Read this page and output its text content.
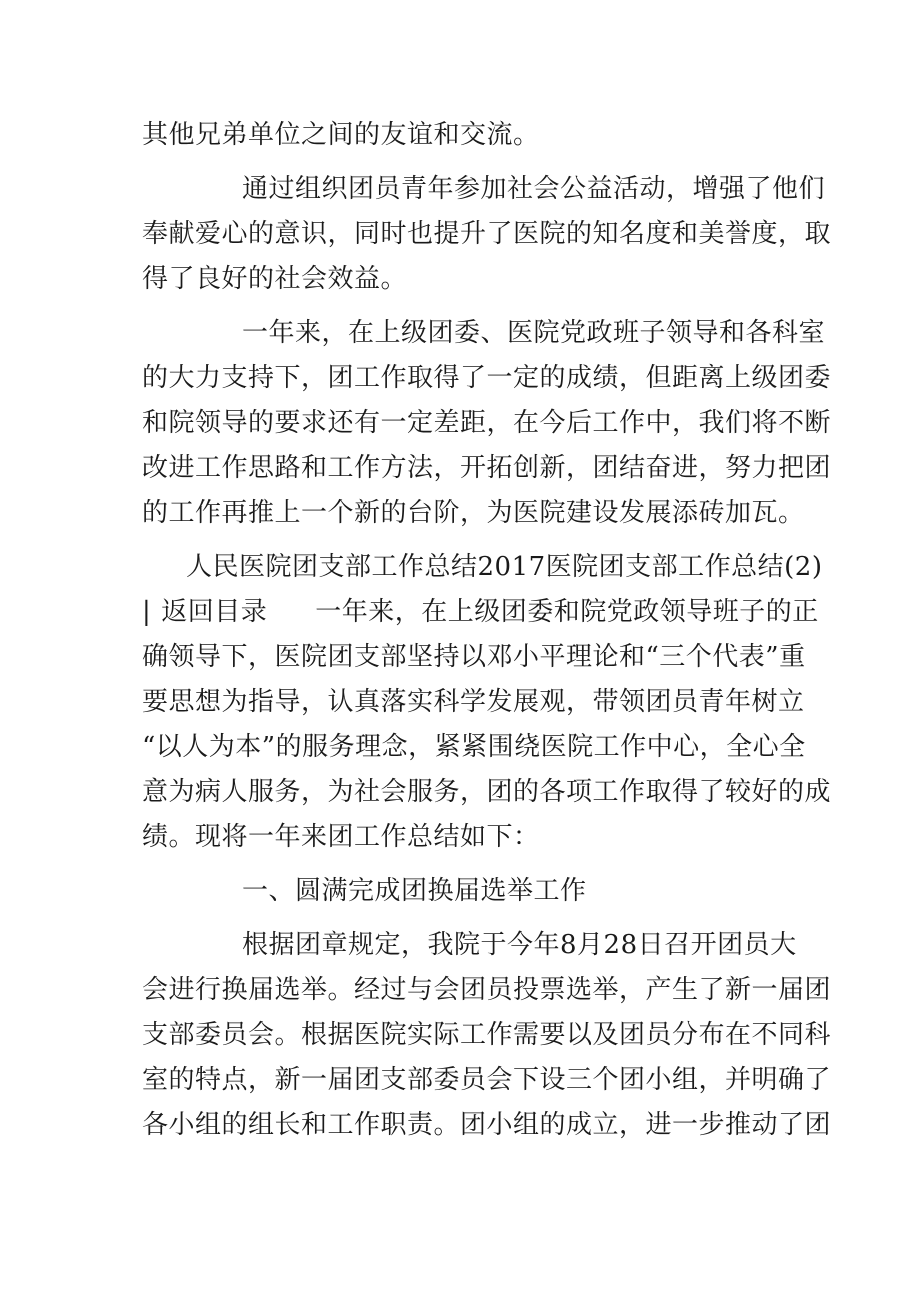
其他兄弟单位之间的友谊和交流。
通过组织团员青年参加社会公益活动，增强了他们
奉献爱心的意识，同时也提升了医院的知名度和美誉度，取
得了良好的社会效益。
一年来，在上级团委、医院党政班子领导和各科室
的大力支持下，团工作取得了一定的成绩，但距离上级团委
和院领导的要求还有一定差距，在今后工作中，我们将不断
改进工作思路和工作方法，开拓创新，团结奋进，努力把团
的工作再推上一个新的台阶，为医院建设发展添砖加瓦。
人民医院团支部工作总结2017医院团支部工作总结(2)
| 返回目录 一年来，在上级团委和院党政领导班子的正
确领导下，医院团支部坚持以邓小平理论和“三个代表”重
要思想为指导，认真落实科学发展观，带领团员青年树立
“以人为本”的服务理念，紧紧围绕医院工作中心，全心全
意为病人服务，为社会服务，团的各项工作取得了较好的成
绩。现将一年来团工作总结如下：
一、圆满完成团换届选举工作
根据团章规定，我院于今年8月28日召开团员大
会进行换届选举。经过与会团员投票选举，产生了新一届团
支部委员会。根据医院实际工作需要以及团员分布在不同科
室的特点，新一届团支部委员会下设三个团小组，并明确了
各小组的组长和工作职责。团小组的成立，进一步推动了团
